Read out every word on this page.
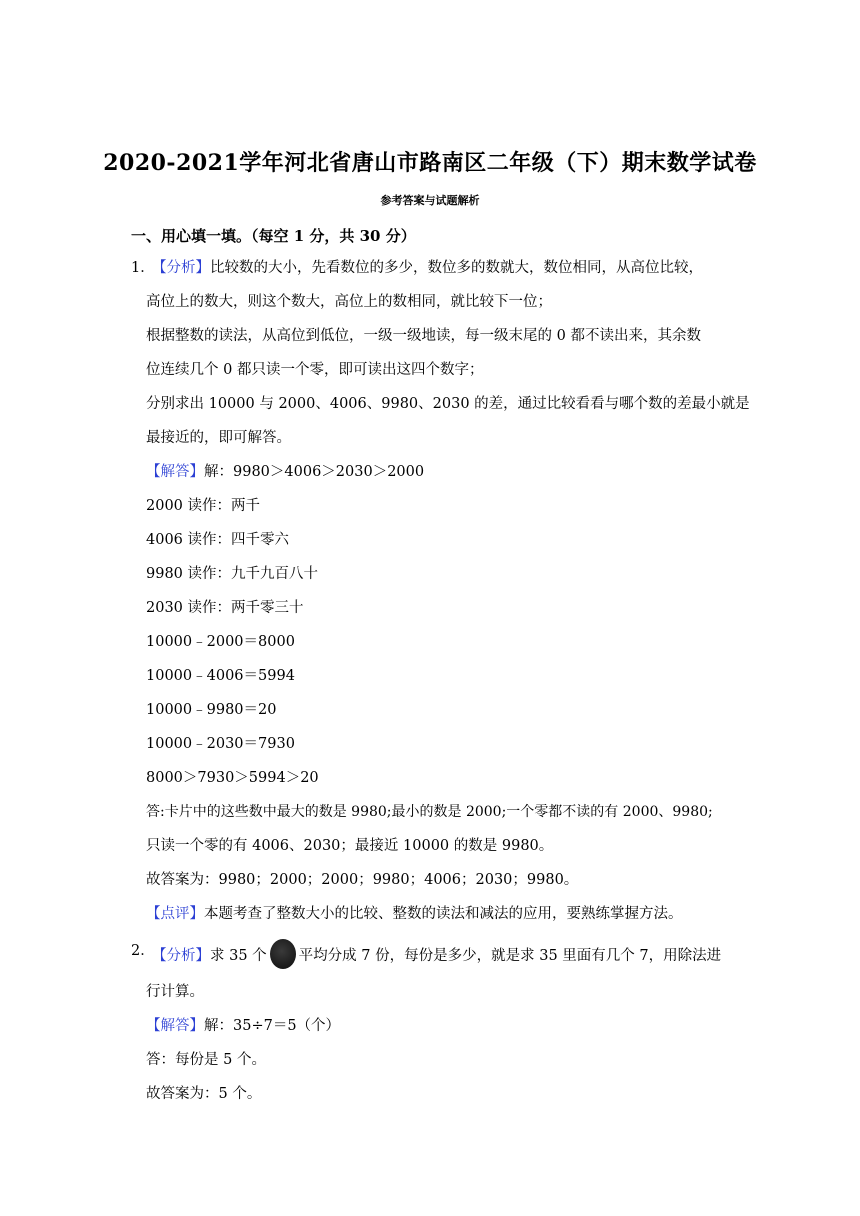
2020-2021学年河北省唐山市路南区二年级（下）期末数学试卷
参考答案与试题解析
一、用心填一填。（每空 1 分，共 30 分）
1．
【分析】比较数的大小，先看数位的多少，数位多的数就大，数位相同，从高位比较，
高位上的数大，则这个数大，高位上的数相同，就比较下一位；
根据整数的读法，从高位到低位，一级一级地读，每一级末尾的 0 都不读出来，其余数
位连续几个 0 都只读一个零，即可读出这四个数字；
分别求出 10000 与 2000、4006、9980、2030 的差，通过比较看看与哪个数的差最小就是
最接近的，即可解答。
【解答】解：9980＞4006＞2030＞2000
2000 读作：两千
4006 读作：四千零六
9980 读作：九千九百八十
2030 读作：两千零三十
10000﹣2000＝8000
10000﹣4006＝5994
10000﹣9980＝20
10000﹣2030＝7930
8000＞7930＞5994＞20
答:卡片中的这些数中最大的数是 9980;最小的数是 2000;一个零都不读的有 2000、9980;
只读一个零的有 4006、2030；最接近 10000 的数是 9980。
故答案为：9980；2000；2000；9980；4006；2030；9980。
【点评】本题考查了整数大小的比较、整数的读法和减法的应用，要熟练掌握方法。
2．
【分析】求 35 个 平均分成 7 份，每份是多少，就是求 35 里面有几个 7，用除法进
行计算。
【解答】解：35÷7＝5（个）
答：每份是 5 个。
故答案为：5 个。
